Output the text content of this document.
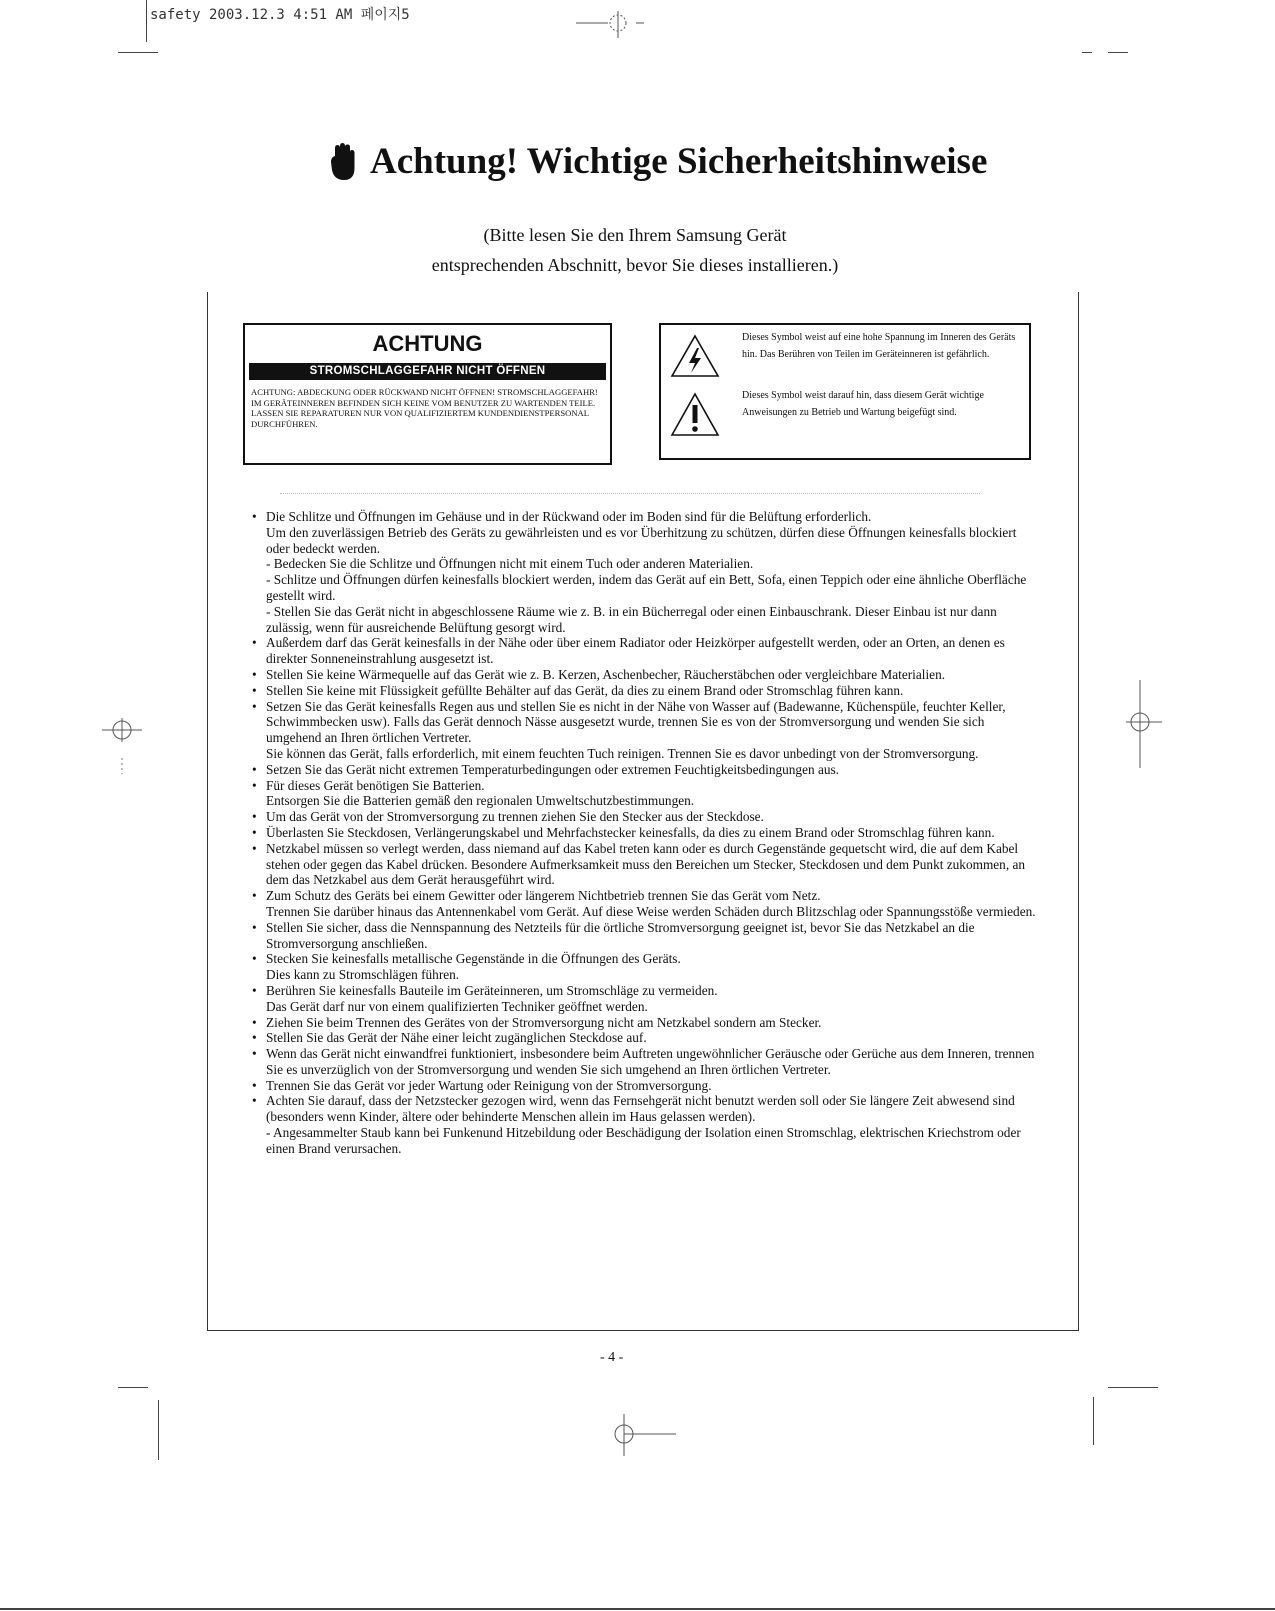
safety 2003.12.3 4:51 AM 페이지5
Achtung! Wichtige Sicherheitshinweise
(Bitte lesen Sie den Ihrem Samsung Gerät
entsprechenden Abschnitt, bevor Sie dieses installieren.)
ACHTUNG
STROMSCHLAGGEFAHR NICHT ÖFFNEN
ACHTUNG: ABDECKUNG ODER RÜCKWAND NICHT ÖFFNEN! STROMSCHLAGGEFAHR! IM GERÄTEINNEREN BEFINDEN SICH KEINE VOM BENUTZER ZU WARTENDEN TEILE. LASSEN SIE REPARATUREN NUR VON QUALIFIZIERTEM KUNDENDIENSTPERSONAL DURCHFÜHREN.
Dieses Symbol weist auf eine hohe Spannung im Inneren des Geräts hin. Das Berühren von Teilen im Geräteinneren ist gefährlich.
Dieses Symbol weist darauf hin, dass diesem Gerät wichtige Anweisungen zu Betrieb und Wartung beigefügt sind.
• Die Schlitze und Öffnungen im Gehäuse und in der Rückwand oder im Boden sind für die Belüftung erforderlich.
Um den zuverlässigen Betrieb des Geräts zu gewährleisten und es vor Überhitzung zu schützen, dürfen diese Öffnungen keinesfalls blockiert oder bedeckt werden.
- Bedecken Sie die Schlitze und Öffnungen nicht mit einem Tuch oder anderen Materialien.
- Schlitze und Öffnungen dürfen keinesfalls blockiert werden, indem das Gerät auf ein Bett, Sofa, einen Teppich oder eine ähnliche Oberfläche gestellt wird.
- Stellen Sie das Gerät nicht in abgeschlossene Räume wie z. B. in ein Bücherregal oder einen Einbauschrank. Dieser Einbau ist nur dann zulässig, wenn für ausreichende Belüftung gesorgt wird.
• Außerdem darf das Gerät keinesfalls in der Nähe oder über einem Radiator oder Heizkörper aufgestellt werden, oder an Orten, an denen es direkter Sonneneinstrahlung ausgesetzt ist.
• Stellen Sie keine Wärmequelle auf das Gerät wie z. B. Kerzen, Aschenbecher, Räucherstäbchen oder vergleichbare Materialien.
• Stellen Sie keine mit Flüssigkeit gefüllte Behälter auf das Gerät, da dies zu einem Brand oder Stromschlag führen kann.
• Setzen Sie das Gerät keinesfalls Regen aus und stellen Sie es nicht in der Nähe von Wasser auf (Badewanne, Küchenspüle, feuchter Keller, Schwimmbecken usw). Falls das Gerät dennoch Nässe ausgesetzt wurde, trennen Sie es von der Stromversorgung und wenden Sie sich umgehend an Ihren örtlichen Vertreter.
Sie können das Gerät, falls erforderlich, mit einem feuchten Tuch reinigen. Trennen Sie es davor unbedingt von der Stromversorgung.
• Setzen Sie das Gerät nicht extremen Temperaturbedingungen oder extremen Feuchtigkeitsbedingungen aus.
• Für dieses Gerät benötigen Sie Batterien.
Entsorgen Sie die Batterien gemäß den regionalen Umweltschutzbestimmungen.
• Um das Gerät von der Stromversorgung zu trennen ziehen Sie den Stecker aus der Steckdose.
• Überlasten Sie Steckdosen, Verlängerungskabel und Mehrfachstecker keinesfalls, da dies zu einem Brand oder Stromschlag führen kann.
• Netzkabel müssen so verlegt werden, dass niemand auf das Kabel treten kann oder es durch Gegenstände gequetscht wird, die auf dem Kabel stehen oder gegen das Kabel drücken. Besondere Aufmerksamkeit muss den Bereichen um Stecker, Steckdosen und dem Punkt zukommen, an dem das Netzkabel aus dem Gerät herausgeführt wird.
• Zum Schutz des Geräts bei einem Gewitter oder längerem Nichtbetrieb trennen Sie das Gerät vom Netz.
Trennen Sie darüber hinaus das Antennenkabel vom Gerät. Auf diese Weise werden Schäden durch Blitzschlag oder Spannungsstöße vermieden.
• Stellen Sie sicher, dass die Nennspannung des Netzteils für die örtliche Stromversorgung geeignet ist, bevor Sie das Netzkabel an die Stromversorgung anschließen.
• Stecken Sie keinesfalls metallische Gegenstände in die Öffnungen des Geräts.
Dies kann zu Stromschlägen führen.
• Berühren Sie keinesfalls Bauteile im Geräteinneren, um Stromschläge zu vermeiden.
Das Gerät darf nur von einem qualifizierten Techniker geöffnet werden.
• Ziehen Sie beim Trennen des Gerätes von der Stromversorgung nicht am Netzkabel sondern am Stecker.
• Stellen Sie das Gerät der Nähe einer leicht zugänglichen Steckdose auf.
• Wenn das Gerät nicht einwandfrei funktioniert, insbesondere beim Auftreten ungewöhnlicher Geräusche oder Gerüche aus dem Inneren, trennen Sie es unverzüglich von der Stromversorgung und wenden Sie sich umgehend an Ihren örtlichen Vertreter.
• Trennen Sie das Gerät vor jeder Wartung oder Reinigung von der Stromversorgung.
• Achten Sie darauf, dass der Netzstecker gezogen wird, wenn das Fernsehgerät nicht benutzt werden soll oder Sie längere Zeit abwesend sind (besonders wenn Kinder, ältere oder behinderte Menschen allein im Haus gelassen werden).
- Angesammelter Staub kann bei Funkenund Hitzebildung oder Beschädigung der Isolation einen Stromschlag, elektrischen Kriechstrom oder einen Brand verursachen.
- 4 -
